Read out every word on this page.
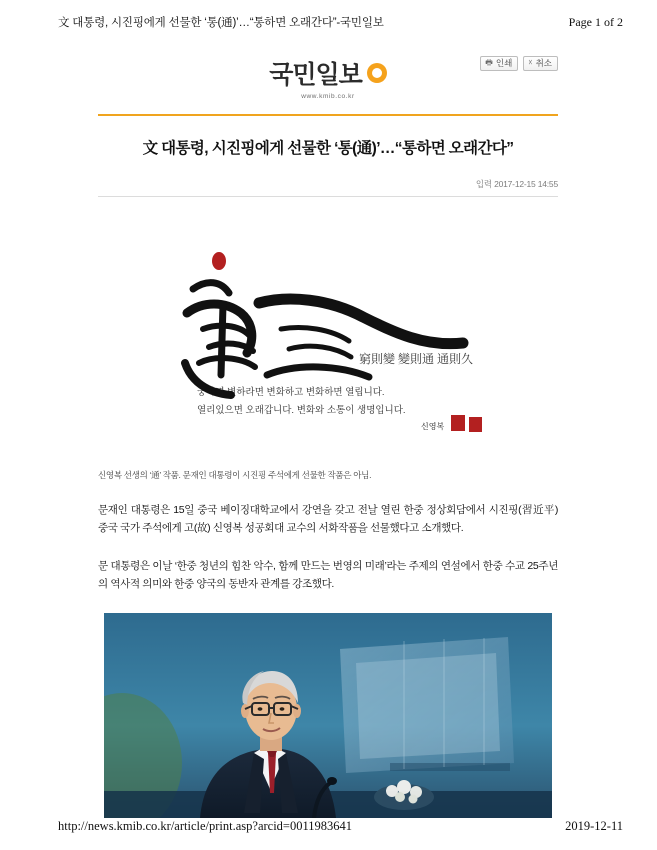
文 대통령, 시진핑에게 선물한 ‘통(通)’…“통하면 오래간다”-국민일보	Page 1 of 2
국민일보
www.kmib.co.kr
🖶 인쇄 ☓ 취소
文 대통령, 시진핑에게 선물한 ‘통(通)’…“통하면 오래간다”
입력 2017-12-15 14:55
窮則變 變則通 通則久
궁하면 변하라면 변화하고 변화하면 열립니다.
열리있으면 오래갑니다. 변화와 소통이 생명입니다.
신영복
신영복 선생의 ‘通’ 작품. 문재인 대통령이 시진핑 주석에게 선물한 작품은 아님.

문재인 대통령은 15일 중국 베이징대학교에서 강연을 갖고 전날 열린 한중 정상회담에서 시진핑(習近平) 중국 국가 주석에게 고(故) 신영복 성공회대 교수의 서화작품을 선물했다고 소개했다.

문 대통령은 이날 ‘한중 청년의 힘찬 악수, 함께 만드는 번영의 미래’라는 주제의 연설에서 한중 수교 25주년의 역사적 의미와 한중 양국의 동반자 관계를 강조했다.

http://news.kmib.co.kr/article/print.asp?arcid=0011983641	2019-12-11
